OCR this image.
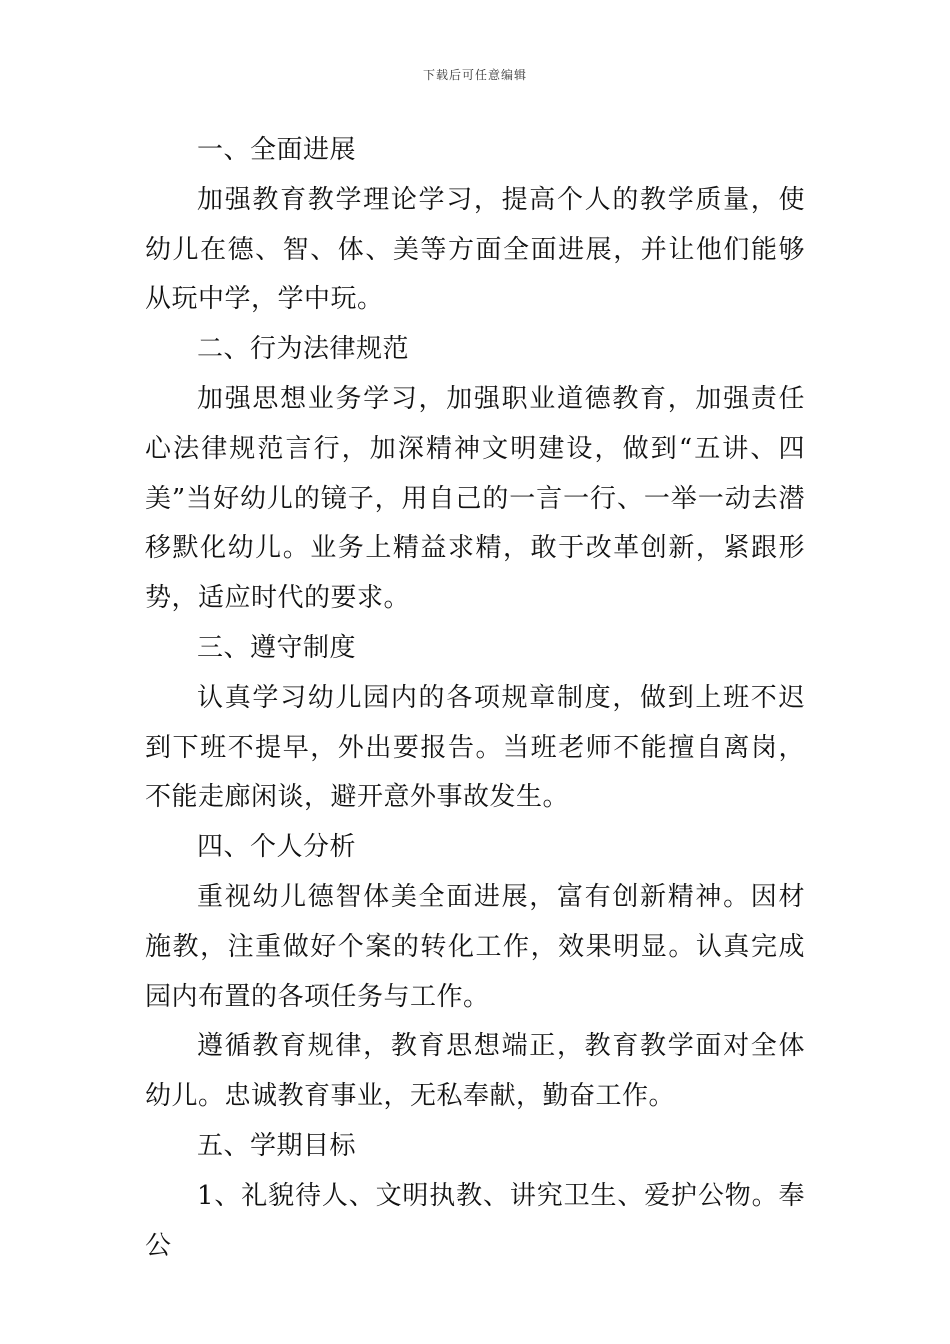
下载后可任意编辑

一、全面进展

加强教育教学理论学习，提高个人的教学质量，使幼儿在德、智、体、美等方面全面进展，并让他们能够从玩中学，学中玩。

二、行为法律规范

加强思想业务学习，加强职业道德教育，加强责任心法律规范言行，加深精神文明建设，做到“五讲、四美”当好幼儿的镜子，用自己的一言一行、一举一动去潜移默化幼儿。业务上精益求精，敢于改革创新，紧跟形势，适应时代的要求。

三、遵守制度

认真学习幼儿园内的各项规章制度，做到上班不迟到下班不提早，外出要报告。当班老师不能擅自离岗，不能走廊闲谈，避开意外事故发生。

四、个人分析

重视幼儿德智体美全面进展，富有创新精神。因材施教，注重做好个案的转化工作，效果明显。认真完成园内布置的各项任务与工作。

遵循教育规律，教育思想端正，教育教学面对全体幼儿。忠诚教育事业，无私奉献，勤奋工作。

五、学期目标

1、礼貌待人、文明执教、讲究卫生、爱护公物。奉公
